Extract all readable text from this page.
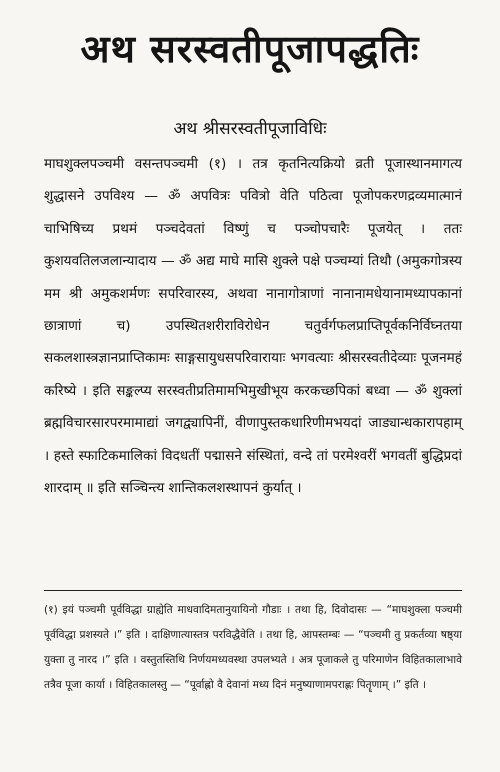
अथ सरस्वतीपूजापद्धतिः
अथ श्रीसरस्वतीपूजाविधिः
माघशुक्लपञ्चमी वसन्तपञ्चमी (१) । तत्र कृतनित्यक्रियो व्रती पूजास्थानमागत्य शुद्धासने उपविश्य — ॐ अपवित्रः पवित्रो वेति पठित्वा पूजोपकरणद्रव्यमात्मानं चाभिषिच्य प्रथमं पञ्चदेवतां विष्णुं च पञ्चोपचारैः पूजयेत् । ततः कुशयवतिलजलान्यादाय — ॐ अद्य माघे मासि शुक्ले पक्षे पञ्चम्यां तिथौ (अमुकगोत्रस्य मम श्री अमुकशर्मणः सपरिवारस्य, अथवा नानागोत्राणां नानानामधेयानामध्यापकानां छात्राणां च) उपस्थितशरीराविरोधेन चतुर्वर्गफलप्राप्तिपूर्वकनिर्विघ्नतया सकलशास्त्रज्ञानप्राप्तिकामः साङ्गसायुधसपरिवारायाः भगवत्याः श्रीसरस्वतीदेव्याः पूजनमहं करिष्ये । इति सङ्कल्प्य सरस्वतीप्रतिमामभिमुखीभूय करकच्छपिकां बध्वा — ॐ शुक्लां ब्रह्मविचारसारपरमामाद्यां जगद्व्यापिनीं, वीणापुस्तकधारिणीमभयदां जाड्यान्धकारापहाम् । हस्ते स्फाटिकमालिकां विदधतीं पद्मासने संस्थितां, वन्दे तां परमेश्वरीं भगवतीं बुद्धिप्रदां शारदाम् ॥ इति सञ्चिन्त्य शान्तिकलशस्थापनं कुर्यात् ।
(१) इयं पञ्चमी पूर्वविद्धा ग्राह्येति माधवादिमतानुयायिनो गौडाः । तथा हि, दिवोदासः — “माघशुक्ला पञ्चमी पूर्वविद्धा प्रशस्यते ।” इति । दाक्षिणात्यास्तत्र परविद्धैवेति । तथा हि, आपस्तम्बः — “पञ्चमी तु प्रकर्तव्या षष्ठ्या युक्ता तु नारद ।” इति । वस्तुतस्तिथि निर्णयमध्यवस्था उपलभ्यते । अत्र पूजाकले तु परिमाणेन विहितकालाभावे तत्रैव पूजा कार्या । विहितकालस्तु — “पूर्वाह्णो वै देवानां मध्य दिनं मनुष्याणामपराह्णः पितॄणाम् ।” इति ।
